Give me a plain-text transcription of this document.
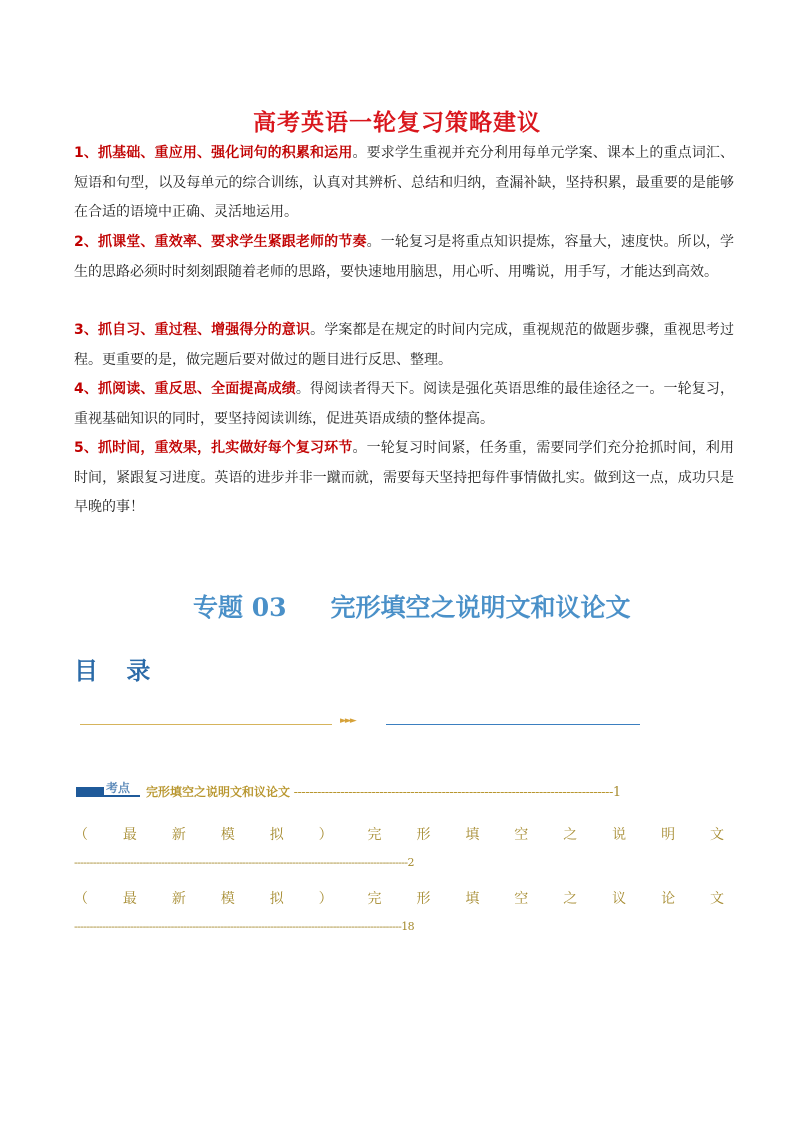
高考英语一轮复习策略建议

1、抓基础、重应用、强化词句的积累和运用。要求学生重视并充分利用每单元学案、课本上的重点词汇、短语和句型，以及每单元的综合训练，认真对其辨析、总结和归纳，查漏补缺，坚持积累，最重要的是能够在合适的语境中正确、灵活地运用。

2、抓课堂、重效率、要求学生紧跟老师的节奏。一轮复习是将重点知识提炼，容量大，速度快。所以，学生的思路必须时时刻刻跟随着老师的思路，要快速地用脑思，用心听、用嘴说，用手写，才能达到高效。

3、抓自习、重过程、增强得分的意识。学案都是在规定的时间内完成，重视规范的做题步骤，重视思考过程。更重要的是，做完题后要对做过的题目进行反思、整理。

4、抓阅读、重反思、全面提高成绩。得阅读者得天下。阅读是强化英语思维的最佳途径之一。一轮复习，重视基础知识的同时，要坚持阅读训练，促进英语成绩的整体提高。

5、抓时间，重效果，扎实做好每个复习环节。一轮复习时间紧，任务重，需要同学们充分抢抓时间，利用时间，紧跟复习进度。英语的进步并非一蹴而就，需要每天坚持把每件事情做扎实。做到这一点，成功只是早晚的事！

专题 03 完形填空之说明文和议论文
目 录
►►►
考点	完形填空之说明文和议论文 ----------------------------------------------------------------------------------1
（ 最 新 模 拟 ） 完 形 填 空 之 说 明 文
-----------------------------------------------------------------------------------------------------------2
（ 最 新 模 拟 ） 完 形 填 空 之 议 论 文
---------------------------------------------------------------------------------------------------------18
